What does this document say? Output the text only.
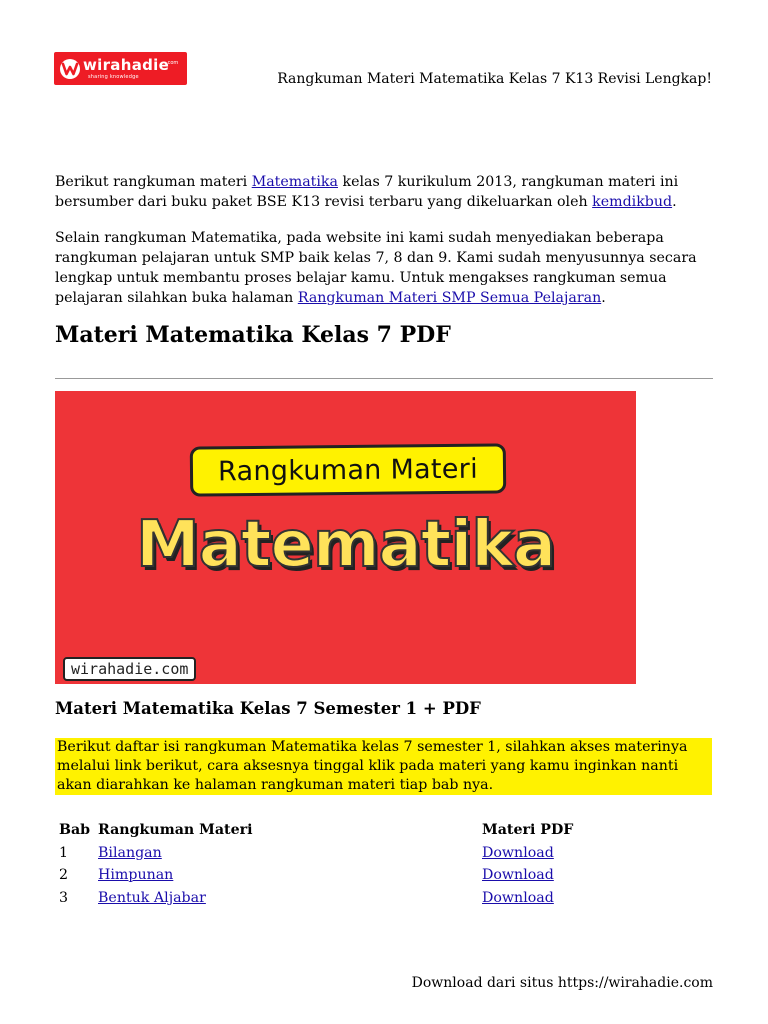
wirahadie
.com
sharing knowledge	Rangkuman Materi Matematika Kelas 7 K13 Revisi Lengkap!

Berikut rangkuman materi Matematika kelas 7 kurikulum 2013, rangkuman materi ini bersumber dari buku paket BSE K13 revisi terbaru yang dikeluarkan oleh kemdikbud.

Selain rangkuman Matematika, pada website ini kami sudah menyediakan beberapa rangkuman pelajaran untuk SMP baik kelas 7, 8 dan 9. Kami sudah menyusunnya secara lengkap untuk membantu proses belajar kamu. Untuk mengakses rangkuman semua pelajaran silahkan buka halaman Rangkuman Materi SMP Semua Pelajaran.

Materi Matematika Kelas 7 PDF
Rangkuman Materi
Matematika
wirahadie.com
Materi Matematika Kelas 7 Semester 1 + PDF

Berikut daftar isi rangkuman Matematika kelas 7 semester 1, silahkan akses materinya melalui link berikut, cara aksesnya tinggal klik pada materi yang kamu inginkan nanti akan diarahkan ke halaman rangkuman materi tiap bab nya.

Bab	Rangkuman Materi	Materi PDF
1	Bilangan	Download
2	Himpunan	Download
3	Bentuk Aljabar	Download
Download dari situs https://wirahadie.com
